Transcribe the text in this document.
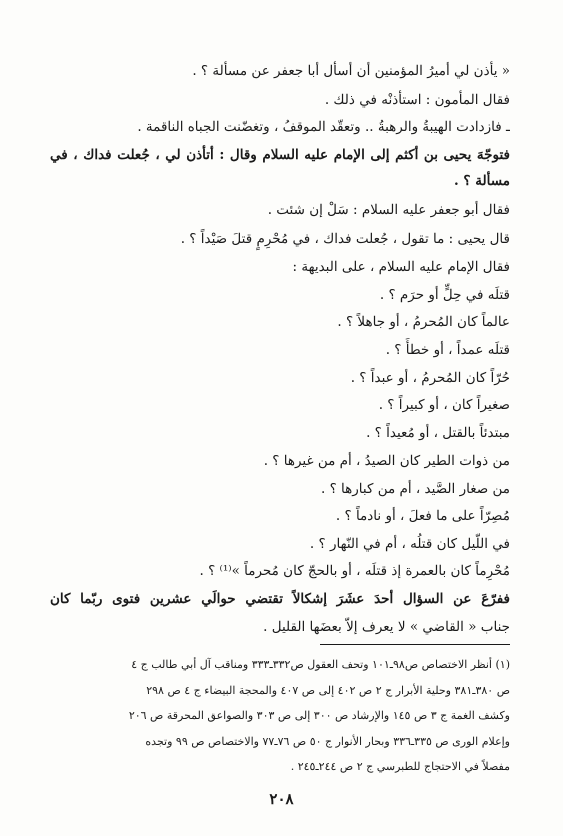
« يأذن لي أميرُ المؤمنين أن أسأل أبا جعفر عن مسألة ؟ .
فقال المأمون : استأذنْه في ذلك .
ـ فازدادت الهيبةُ والرهبةُ .. وتعقّد الموقفُ ، وتغضّنت الجباه الناقمة .
فتوجّهَ يحيى بن أكثم إلى الإمام عليه السلام وقال : أتأذن لي ، جُعلت فداك ، في
مسألة ؟ .
فقال أبو جعفر عليه السلام : سَلْ إن شئت .
قال يحيى : ما تقول ، جُعلت فداك ، في مُحْرِمٍ قتلَ صَيْداً ؟ .
فقال الإمام عليه السلام ، على البديهة :
قتلَه في حِلٍّ أو حرَم ؟ .
عالماً كان المُحرمُ ، أو جاهلاً ؟ .
قتلَه عمداً ، أو خطأً ؟ .
حُرّاً كان المُحرمُ ، أو عبداً ؟ .
صغيراً كان ، أو كبيراً ؟ .
مبتدئاً بالقتل ، أو مُعيداً ؟ .
من ذوات الطير كان الصيدُ ، أم من غيرها ؟ .
من صغار الصَّيد ، أم من كبارها ؟ .
مُصِرّاً على ما فعلَ ، أو نادماً ؟ .
في اللّيل كان قتلُه ، أم في النّهار ؟ .
مُحْرِماً كان بالعمرة إذ قتلَه ، أو بالحجّ كان مُحرماً »⁽¹⁾ ؟ .
ففرّعَ عن السؤال أحدَ عشَرَ إشكالاً تقتضي حوالَي عشرين فتوى ربّما كان
جناب « القاضي » لا يعرف إلاّ بعضَها القليل .
(١) أنظر الاختصاص ص٩٨ـ١٠١ وتحف العقول ص٣٣٢ـ٣٣٣ ومناقب آل أبي طالب ج ٤
ص ٣٨٠ـ٣٨١ وحلية الأبرار ج ٢ ص ٤٠٢ إلى ص ٤٠٧ والمحجة البيضاء ج ٤ ص ٢٩٨
وكشف الغمة ج ٣ ص ١٤٥ والإرشاد ص ٣٠٠ إلى ص ٣٠٣ والصواعق المحرقة ص ٢٠٦
وإعلام الورى ص ٣٣٥ـ٣٣٦ وبحار الأنوار ج ٥٠ ص ٧٦ـ٧٧ والاختصاص ص ٩٩ وتجده
مفصلاً في الاحتجاج للطبرسي ج ٢ ص ٢٤٤ـ٢٤٥ .
٢٠٨
